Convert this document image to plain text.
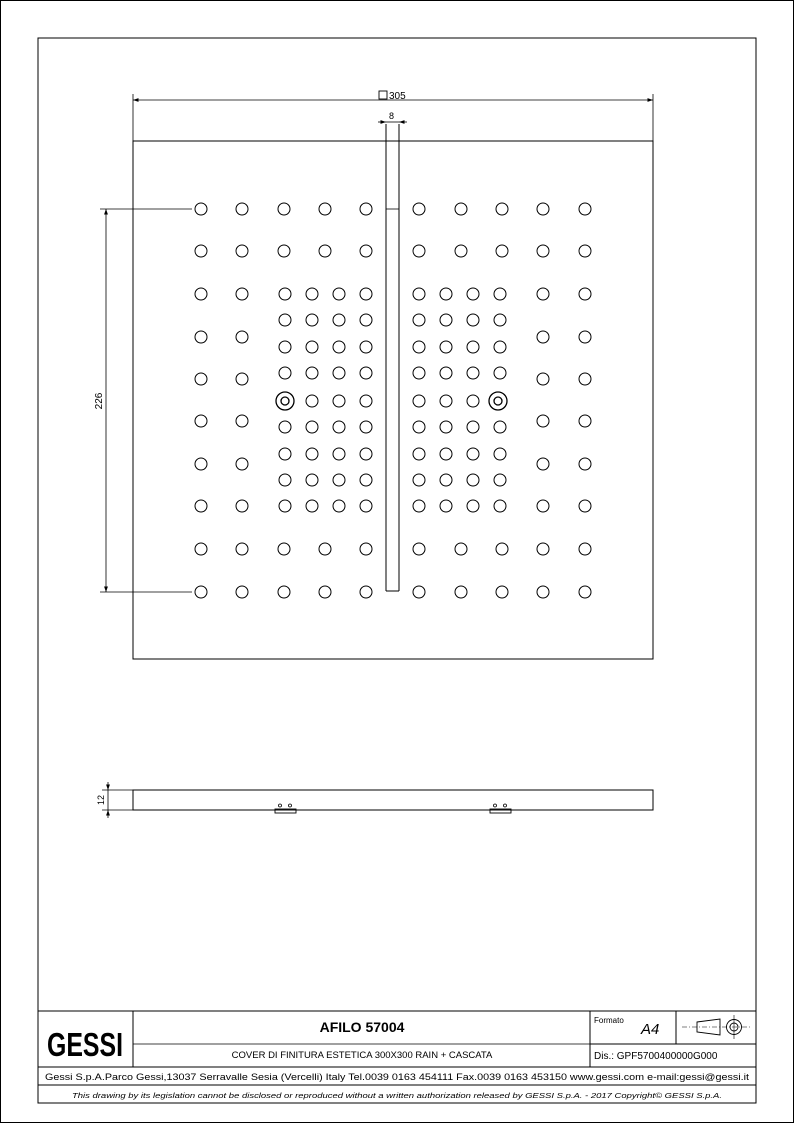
305
8
226
12
GESSI	AFILO 57004
COVER DI FINITURA ESTETICA 300X300 RAIN + CASCATA
Formato
A4
Dis.: GPF5700400000G000
Gessi S.p.A.Parco Gessi,13037 Serravalle Sesia (Vercelli) Italy Tel.0039 0163 454111 Fax.0039 0163 453150 www.gessi.com e-mail:gessi@gessi.it
This drawing by its legislation cannot be disclosed or reproduced without a written authorization released by GESSI S.p.A. - 2017 Copyright© GESSI S.p.A.
